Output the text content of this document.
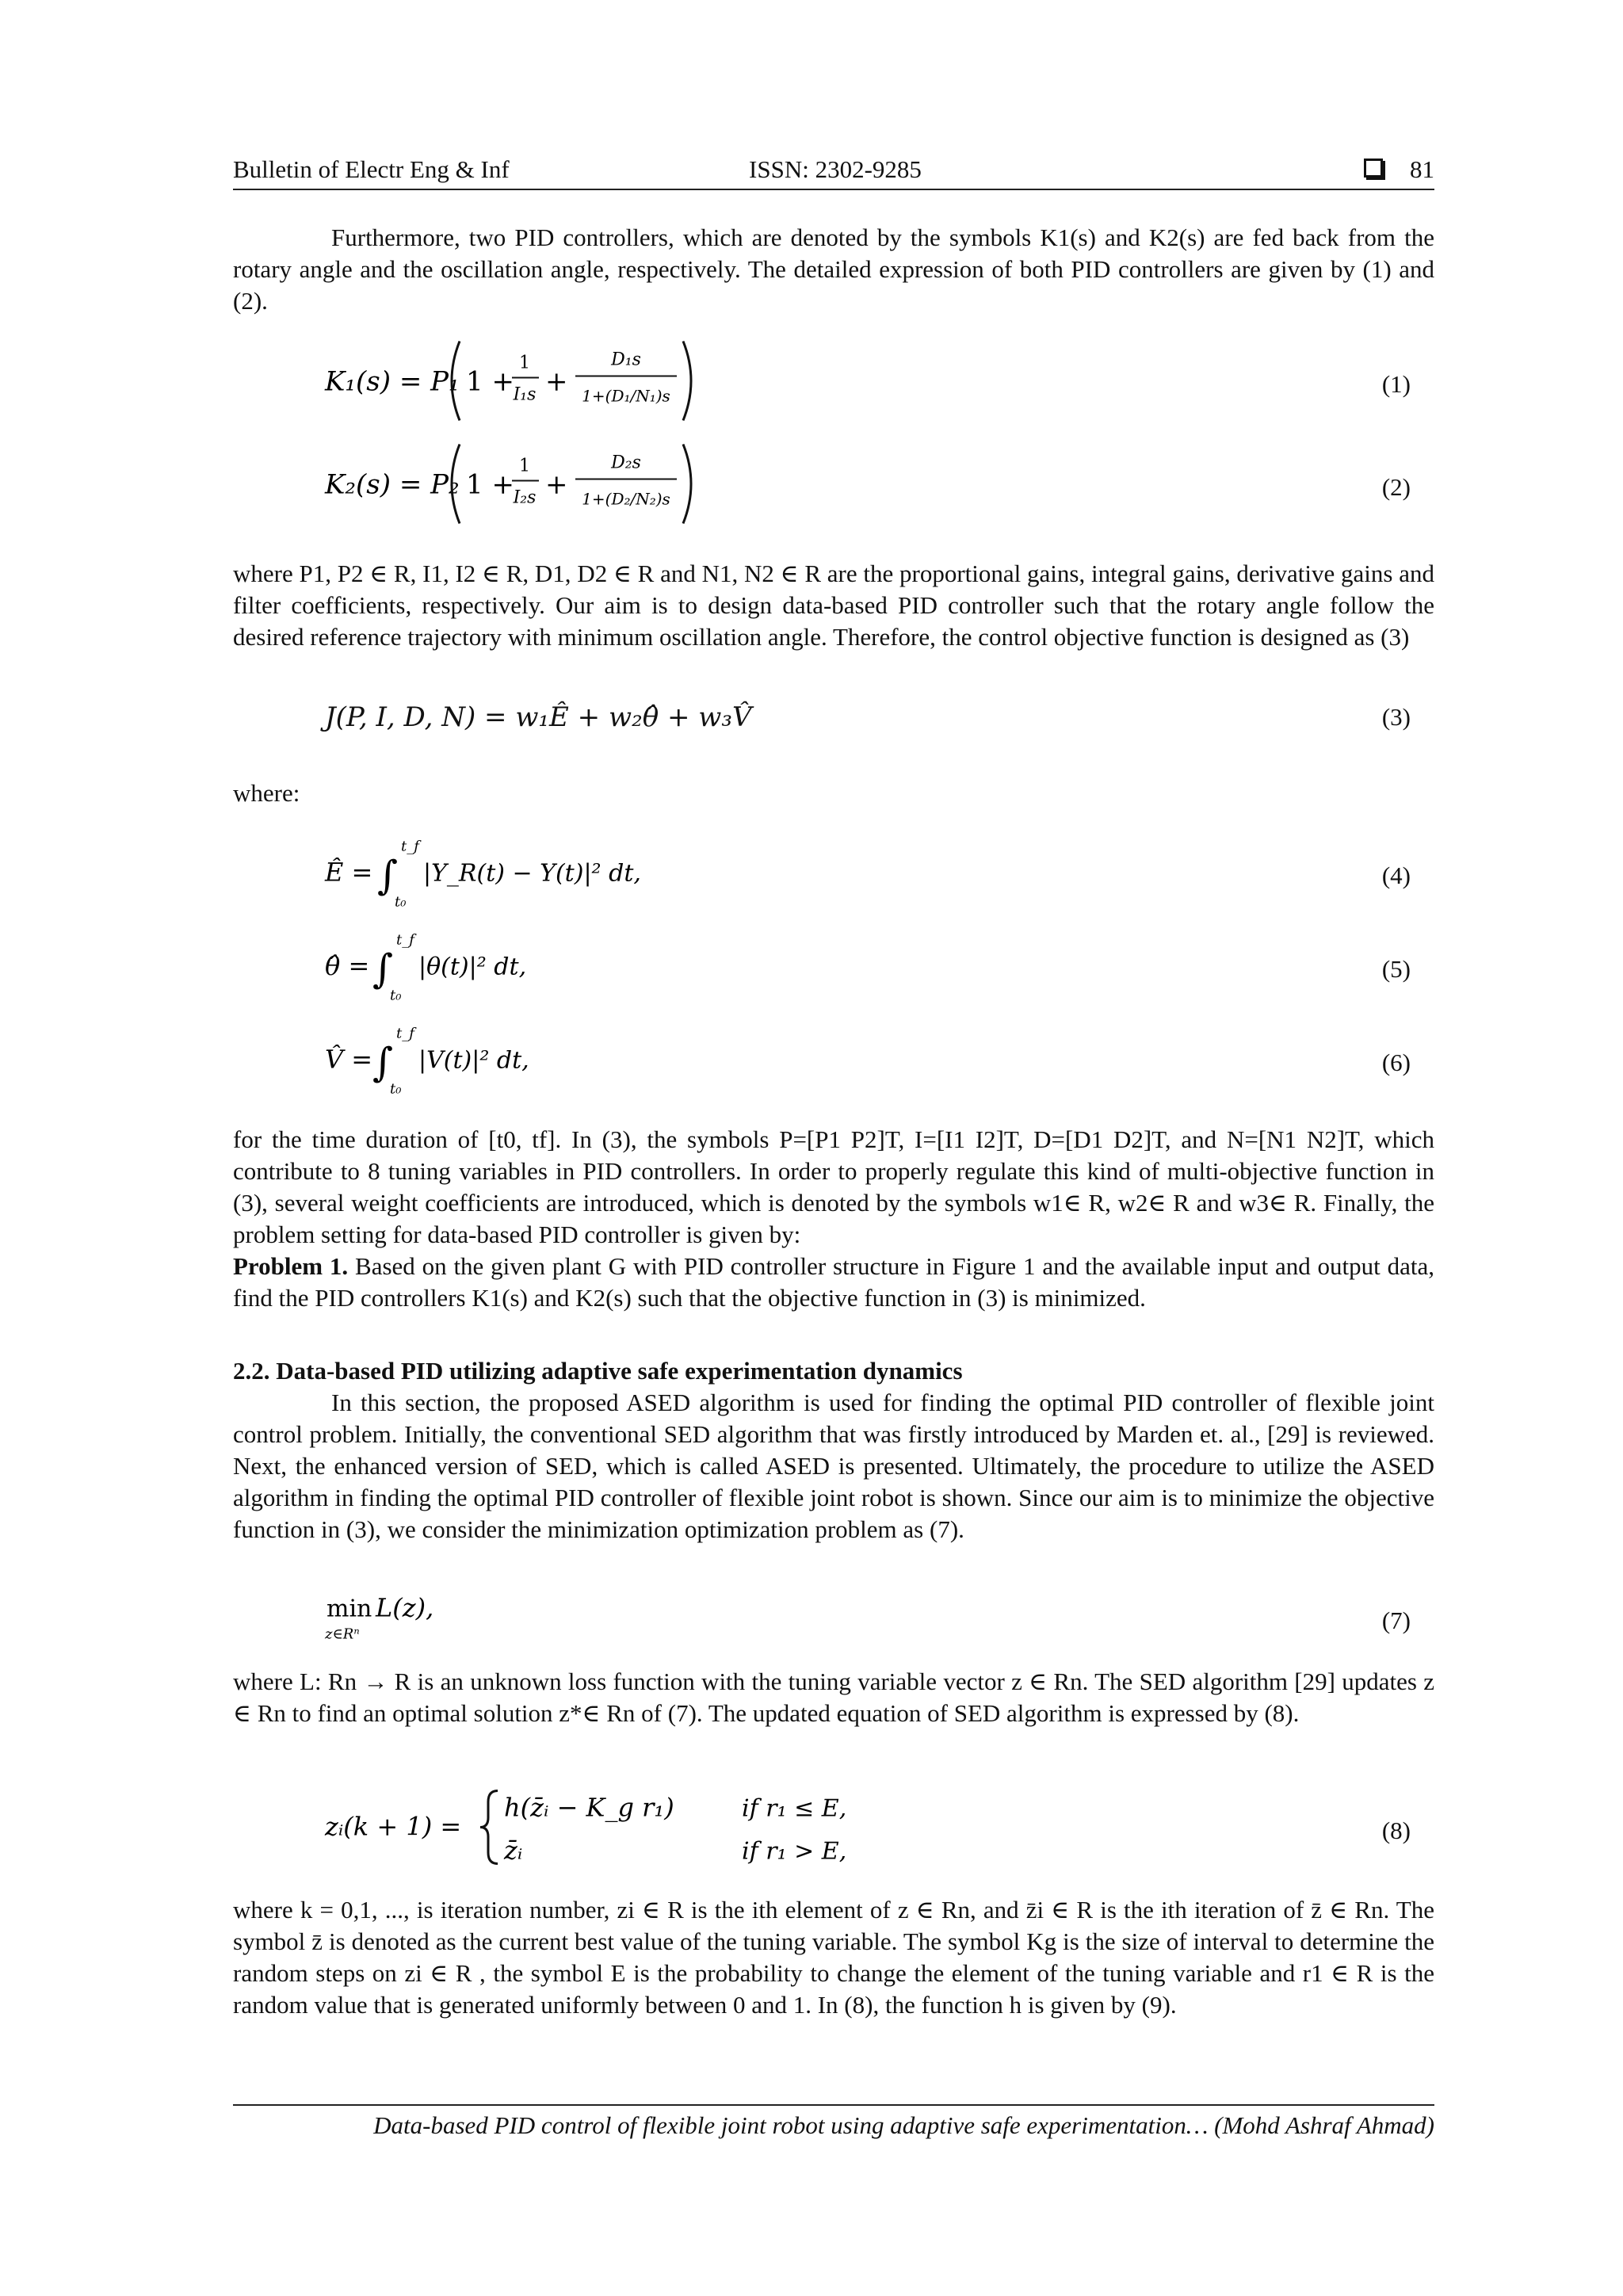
Bulletin of Electr Eng & Inf	ISSN: 2302-9285	81

Furthermore, two PID controllers, which are denoted by the symbols K1(s) and K2(s) are fed back from the rotary angle and the oscillation angle, respectively. The detailed expression of both PID controllers are given by (1) and (2).

K₁(s) = P₁ 1 +
1
I₁s +
D₁s
1+(D₁/N₁)s	(1)
K₂(s) = P₂ 1 +
1
I₂s +
D₂s
1+(D₂/N₂)s	(2)

where P1, P2 ∈ R, I1, I2 ∈ R, D1, D2 ∈ R and N1, N2 ∈ R are the proportional gains, integral gains, derivative gains and filter coefficients, respectively. Our aim is to design data-based PID controller such that the rotary angle follow the desired reference trajectory with minimum oscillation angle. Therefore, the control objective function is designed as (3)

J(P, I, D, N) = w₁Ê + w₂θ̂ + w₃V̂	(3)
where:
Ê = ∫
t_f
t₀
|Y_R(t) − Y(t)|² dt,	(4)
θ̂ = ∫
t_f
t₀
|θ(t)|² dt,	(5)
V̂ = ∫
t_f
t₀
|V(t)|² dt,	(6)

for the time duration of [t0, tf]. In (3), the symbols P=[P1 P2]T, I=[I1 I2]T, D=[D1 D2]T, and N=[N1 N2]T, which contribute to 8 tuning variables in PID controllers. In order to properly regulate this kind of multi-objective function in (3), several weight coefficients are introduced, which is denoted by the symbols w1∈ R, w2∈ R and w3∈ R. Finally, the problem setting for data-based PID controller is given by:

Problem 1. Based on the given plant G with PID controller structure in Figure 1 and the available input and output data, find the PID controllers K1(s) and K2(s) such that the objective function in (3) is minimized.

2.2. Data-based PID utilizing adaptive safe experimentation dynamics

In this section, the proposed ASED algorithm is used for finding the optimal PID controller of flexible joint control problem. Initially, the conventional SED algorithm that was firstly introduced by Marden et. al., [29] is reviewed. Next, the enhanced version of SED, which is called ASED is presented. Ultimately, the procedure to utilize the ASED algorithm in finding the optimal PID controller of flexible joint robot is shown. Since our aim is to minimize the objective function in (3), we consider the minimization optimization problem as (7).

min
z∈Rⁿ
L(z),	(7)

where L: Rn → R is an unknown loss function with the tuning variable vector z ∈ Rn. The SED algorithm [29] updates z ∈ Rn to find an optimal solution z*∈ Rn of (7). The updated equation of SED algorithm is expressed by (8).

zᵢ(k + 1) =
h(z̄ᵢ − K_g r₁)	if r₁ ≤ E,
z̄ᵢ	if r₁ > E,
(8)

where k = 0,1, ..., is iteration number, zi ∈ R is the ith element of z ∈ Rn, and z̄i ∈ R is the ith iteration of z̄ ∈ Rn. The symbol z̄ is denoted as the current best value of the tuning variable. The symbol Kg is the size of interval to determine the random steps on zi ∈ R , the symbol E is the probability to change the element of the tuning variable and r1 ∈ R is the random value that is generated uniformly between 0 and 1. In (8), the function h is given by (9).

Data-based PID control of flexible joint robot using adaptive safe experimentation… (Mohd Ashraf Ahmad)
